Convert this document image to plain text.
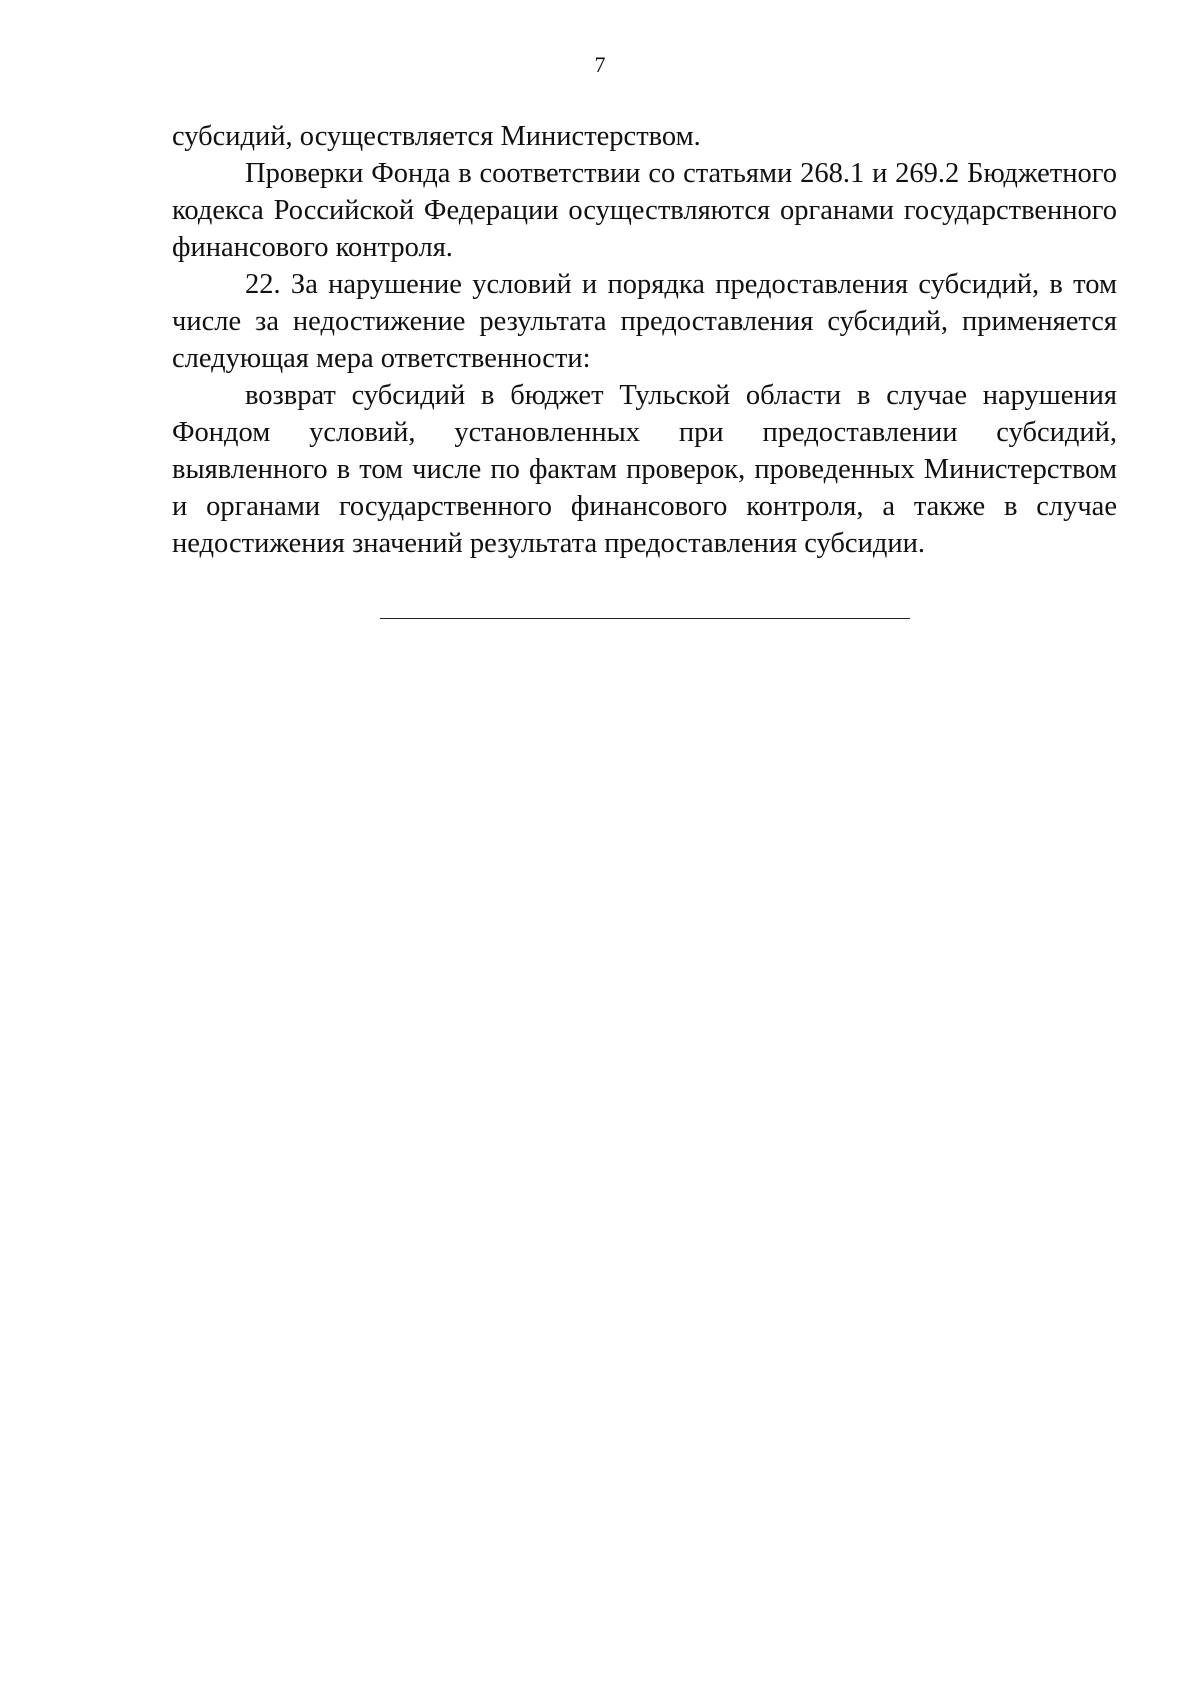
7

субсидий, осуществляется Министерством.

Проверки Фонда в соответствии со статьями 268.1 и 269.2 Бюджетного кодекса Российской Федерации осуществляются органами государственного финансового контроля.

22. За нарушение условий и порядка предоставления субсидий, в том числе за недостижение результата предоставления субсидий, применяется следующая мера ответственности:

возврат субсидий в бюджет Тульской области в случае нарушения Фондом условий, установленных при предоставлении субсидий, выявленного в том числе по фактам проверок, проведенных Министерством и органами государственного финансового контроля, а также в случае недостижения значений результата предоставления субсидии.
